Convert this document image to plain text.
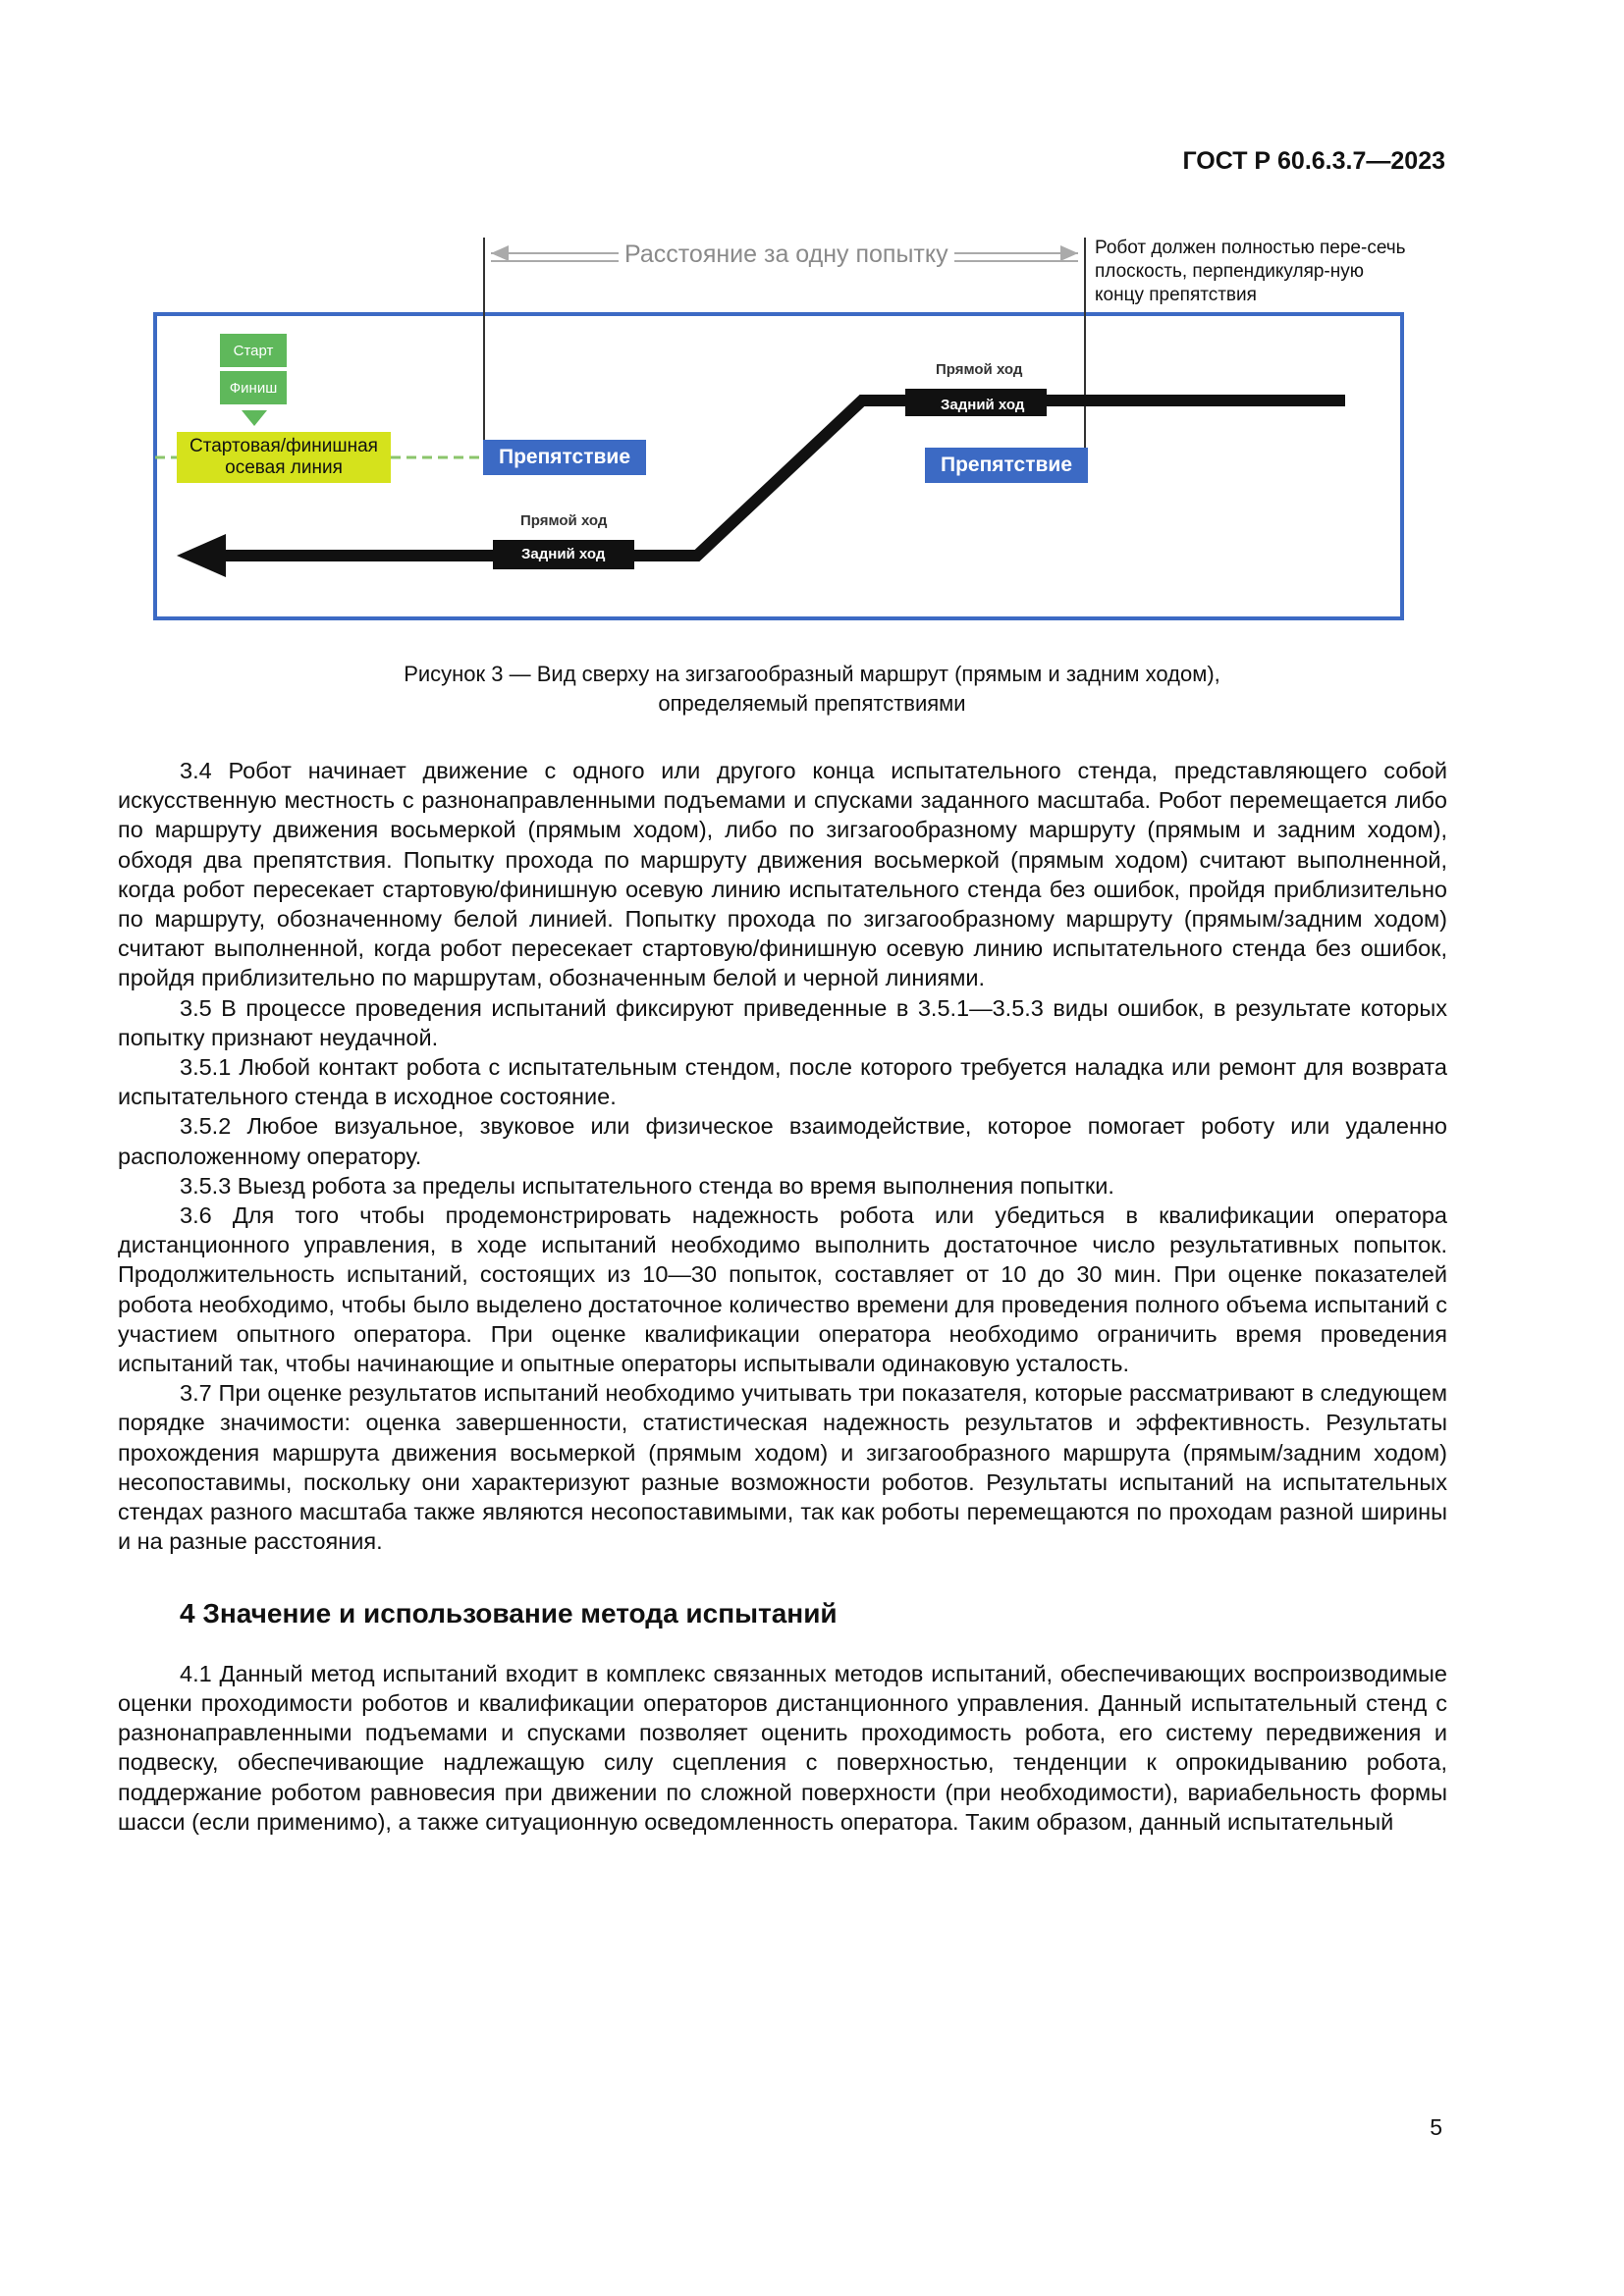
ГОСТ Р 60.6.3.7—2023
Расстояние за одну попытку	Робот должен полностью пере-сечь плоскость, перпендикуляр-ную концу препятствия
Старт
Финиш
Стартовая/финишная осевая линия	Препятствие	Препятствие
Прямой ход
Задний ход
Прямой ход
Задний ход
Рисунок 3 — Вид сверху на зигзагообразный маршрут (прямым и задним ходом),
определяемый препятствиями

3.4 Робот начинает движение с одного или другого конца испытательного стенда, представляющего собой искусственную местность с разнонаправленными подъемами и спусками заданного масштаба. Робот перемещается либо по маршруту движения восьмеркой (прямым ходом), либо по зигзагообразному маршруту (прямым и задним ходом), обходя два препятствия. Попытку прохода по маршруту движения восьмеркой (прямым ходом) считают выполненной, когда робот пересекает стартовую/финишную осевую линию испытательного стенда без ошибок, пройдя приблизительно по маршруту, обозначенному белой линией. Попытку прохода по зигзагообразному маршруту (прямым/задним ходом) считают выполненной, когда робот пересекает стартовую/финишную осевую линию испытательного стенда без ошибок, пройдя приблизительно по маршрутам, обозначенным белой и черной линиями.

3.5 В процессе проведения испытаний фиксируют приведенные в 3.5.1—3.5.3 виды ошибок, в результате которых попытку признают неудачной.

3.5.1 Любой контакт робота с испытательным стендом, после которого требуется наладка или ремонт для возврата испытательного стенда в исходное состояние.

3.5.2 Любое визуальное, звуковое или физическое взаимодействие, которое помогает роботу или удаленно расположенному оператору.

3.5.3 Выезд робота за пределы испытательного стенда во время выполнения попытки.

3.6 Для того чтобы продемонстрировать надежность робота или убедиться в квалификации оператора дистанционного управления, в ходе испытаний необходимо выполнить достаточное число результативных попыток. Продолжительность испытаний, состоящих из 10—30 попыток, составляет от 10 до 30 мин. При оценке показателей робота необходимо, чтобы было выделено достаточное количество времени для проведения полного объема испытаний с участием опытного оператора. При оценке квалификации оператора необходимо ограничить время проведения испытаний так, чтобы начинающие и опытные операторы испытывали одинаковую усталость.

3.7 При оценке результатов испытаний необходимо учитывать три показателя, которые рассматривают в следующем порядке значимости: оценка завершенности, статистическая надежность результатов и эффективность. Результаты прохождения маршрута движения восьмеркой (прямым ходом) и зигзагообразного маршрута (прямым/задним ходом) несопоставимы, поскольку они характеризуют разные возможности роботов. Результаты испытаний на испытательных стендах разного масштаба также являются несопоставимыми, так как роботы перемещаются по проходам разной ширины и на разные расстояния.

4 Значение и использование метода испытаний

4.1 Данный метод испытаний входит в комплекс связанных методов испытаний, обеспечивающих воспроизводимые оценки проходимости роботов и квалификации операторов дистанционного управления. Данный испытательный стенд с разнонаправленными подъемами и спусками позволяет оценить проходимость робота, его систему передвижения и подвеску, обеспечивающие надлежащую силу сцепления с поверхностью, тенденции к опрокидыванию робота, поддержание роботом равновесия при движении по сложной поверхности (при необходимости), вариабельность формы шасси (если применимо), а также ситуационную осведомленность оператора. Таким образом, данный испытательный

5
